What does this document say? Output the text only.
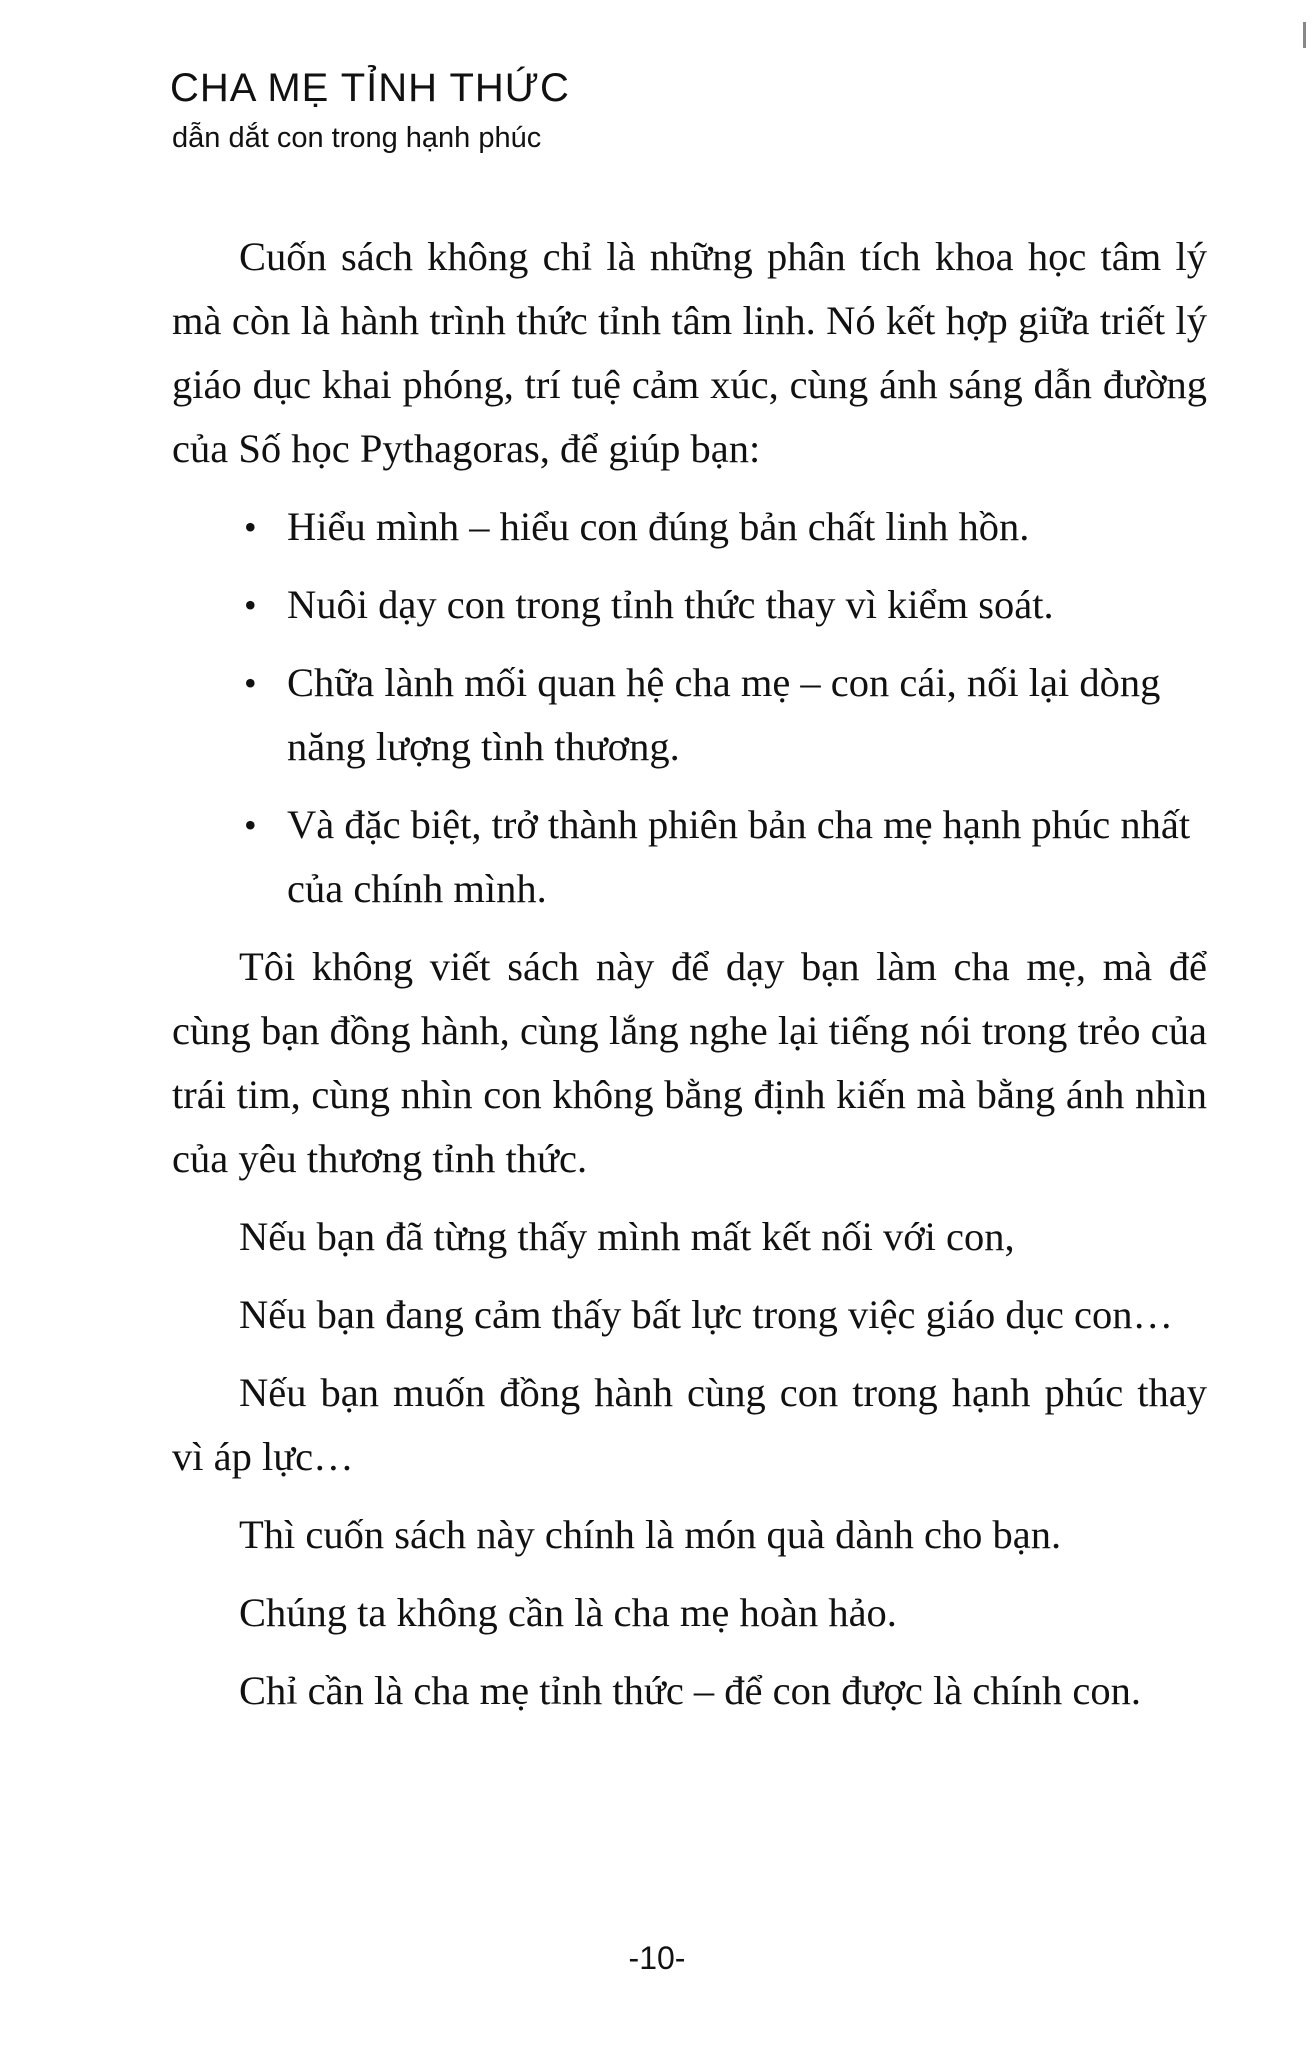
CHA MẸ TỈNH THỨC

dẫn dắt con trong hạnh phúc

Cuốn sách không chỉ là những phân tích khoa học tâm lý mà còn là hành trình thức tỉnh tâm linh. Nó kết hợp giữa triết lý giáo dục khai phóng, trí tuệ cảm xúc, cùng ánh sáng dẫn đường của Số học Pythagoras, để giúp bạn:

• Hiểu mình – hiểu con đúng bản chất linh hồn.
• Nuôi dạy con trong tỉnh thức thay vì kiểm soát.
• Chữa lành mối quan hệ cha mẹ – con cái, nối lại dòng năng lượng tình thương.
• Và đặc biệt, trở thành phiên bản cha mẹ hạnh phúc nhất của chính mình.

Tôi không viết sách này để dạy bạn làm cha mẹ, mà để cùng bạn đồng hành, cùng lắng nghe lại tiếng nói trong trẻo của trái tim, cùng nhìn con không bằng định kiến mà bằng ánh nhìn của yêu thương tỉnh thức.

Nếu bạn đã từng thấy mình mất kết nối với con,

Nếu bạn đang cảm thấy bất lực trong việc giáo dục con…

Nếu bạn muốn đồng hành cùng con trong hạnh phúc thay vì áp lực…

Thì cuốn sách này chính là món quà dành cho bạn.

Chúng ta không cần là cha mẹ hoàn hảo.

Chỉ cần là cha mẹ tỉnh thức – để con được là chính con.

-10-
